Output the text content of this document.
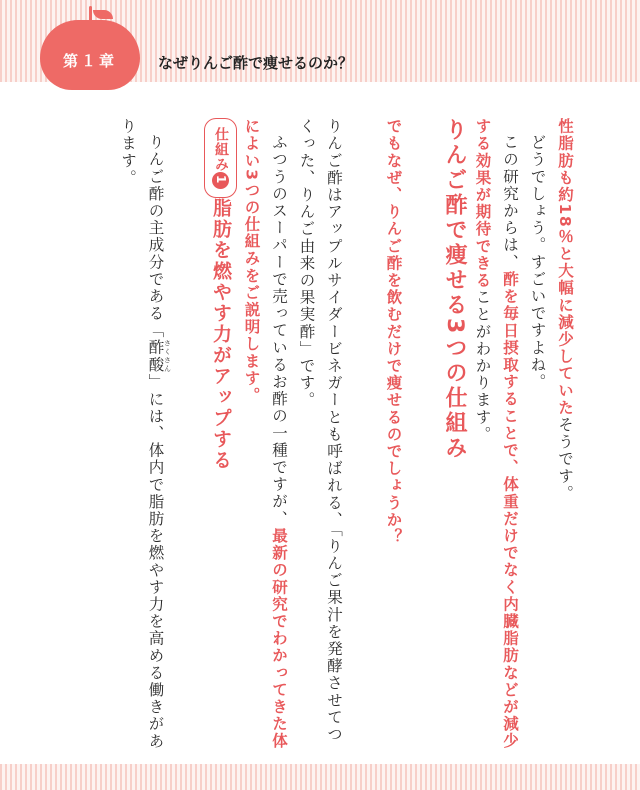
第１章	なぜりんご酢で痩せるのか？

性脂肪も約18％と大幅に減少していたそうです。

どうでしょう。すごいですよね。

この研究からは、酢を毎日摂取することで、体重だけでなく内臓脂肪などが減少する効果が期待できることがわかります。

りんご酢で痩せる3つの仕組み

でもなぜ、りんご酢を飲むだけで痩せるのでしょうか？

りんご酢はアップルサイダービネガーとも呼ばれる、「りんご果汁を発酵させてつくった、りんご由来の果実酢」です。

ふつうのスーパーで売っているお酢の一種ですが、最新の研究でわかってきた体によい3つの仕組みをご説明します。

仕組み1脂肪を燃やす力がアップする

りんご酢の主成分である「酢酸 さくさん」には、体内で脂肪を燃やす力を高める働きがあります。
